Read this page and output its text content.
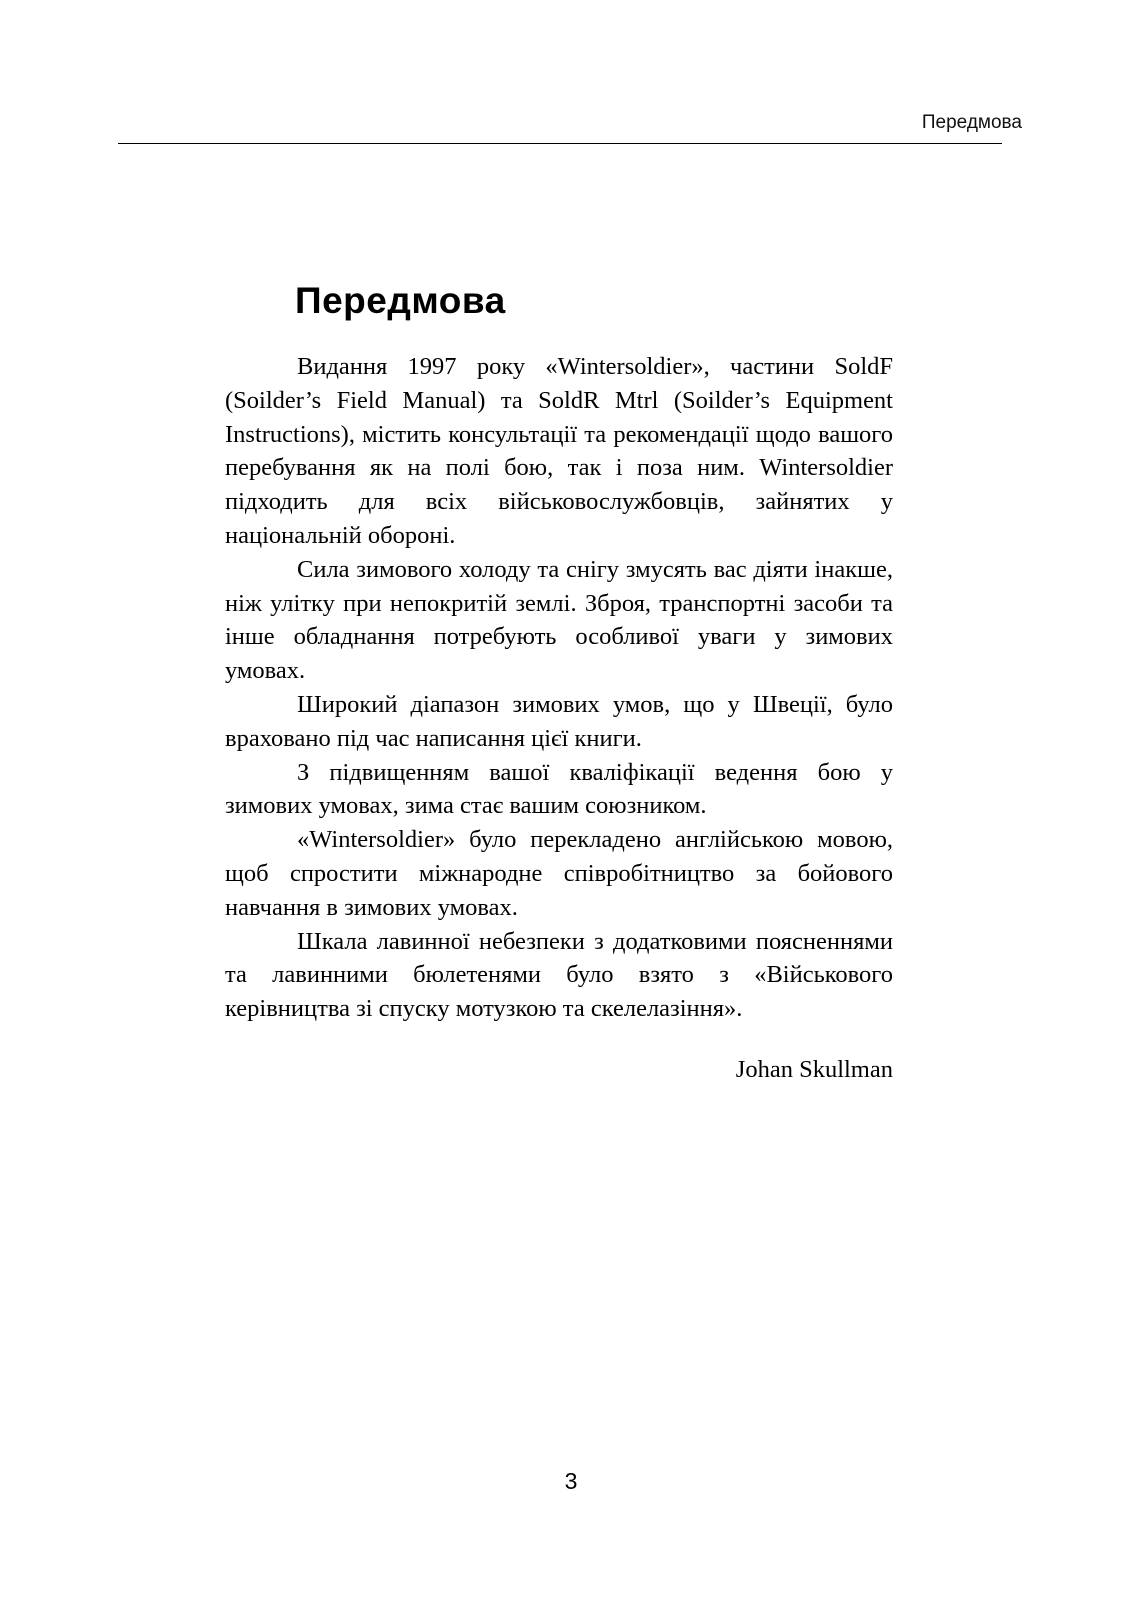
Передмова
Передмова

Видання 1997 року «Wintersoldier», частини SoldF (Soilder’s Field Manual) та SoldR Mtrl (Soilder’s Equipment Instructions), містить консультації та рекомендації щодо вашого перебування як на полі бою, так і поза ним. Wintersoldier підходить для всіх військовослужбовців, зайнятих у національній обороні.

Сила зимового холоду та снігу змусять вас діяти інакше, ніж улітку при непокритій землі. Зброя, транспортні засоби та інше обладнання потребують особливої уваги у зимових умовах.

Широкий діапазон зимових умов, що у Швеції, було враховано під час написання цієї книги.

З підвищенням вашої кваліфікації ведення бою у зимових умовах, зима стає вашим союзником.

«Wintersoldier» було перекладено англійською мовою, щоб спростити міжнародне співробітництво за бойового навчання в зимових умовах.

Шкала лавинної небезпеки з додатковими поясненнями та лавинними бюлетенями було взято з «Військового керівництва зі спуску мотузкою та скелелазіння».

Johan Skullman
3
